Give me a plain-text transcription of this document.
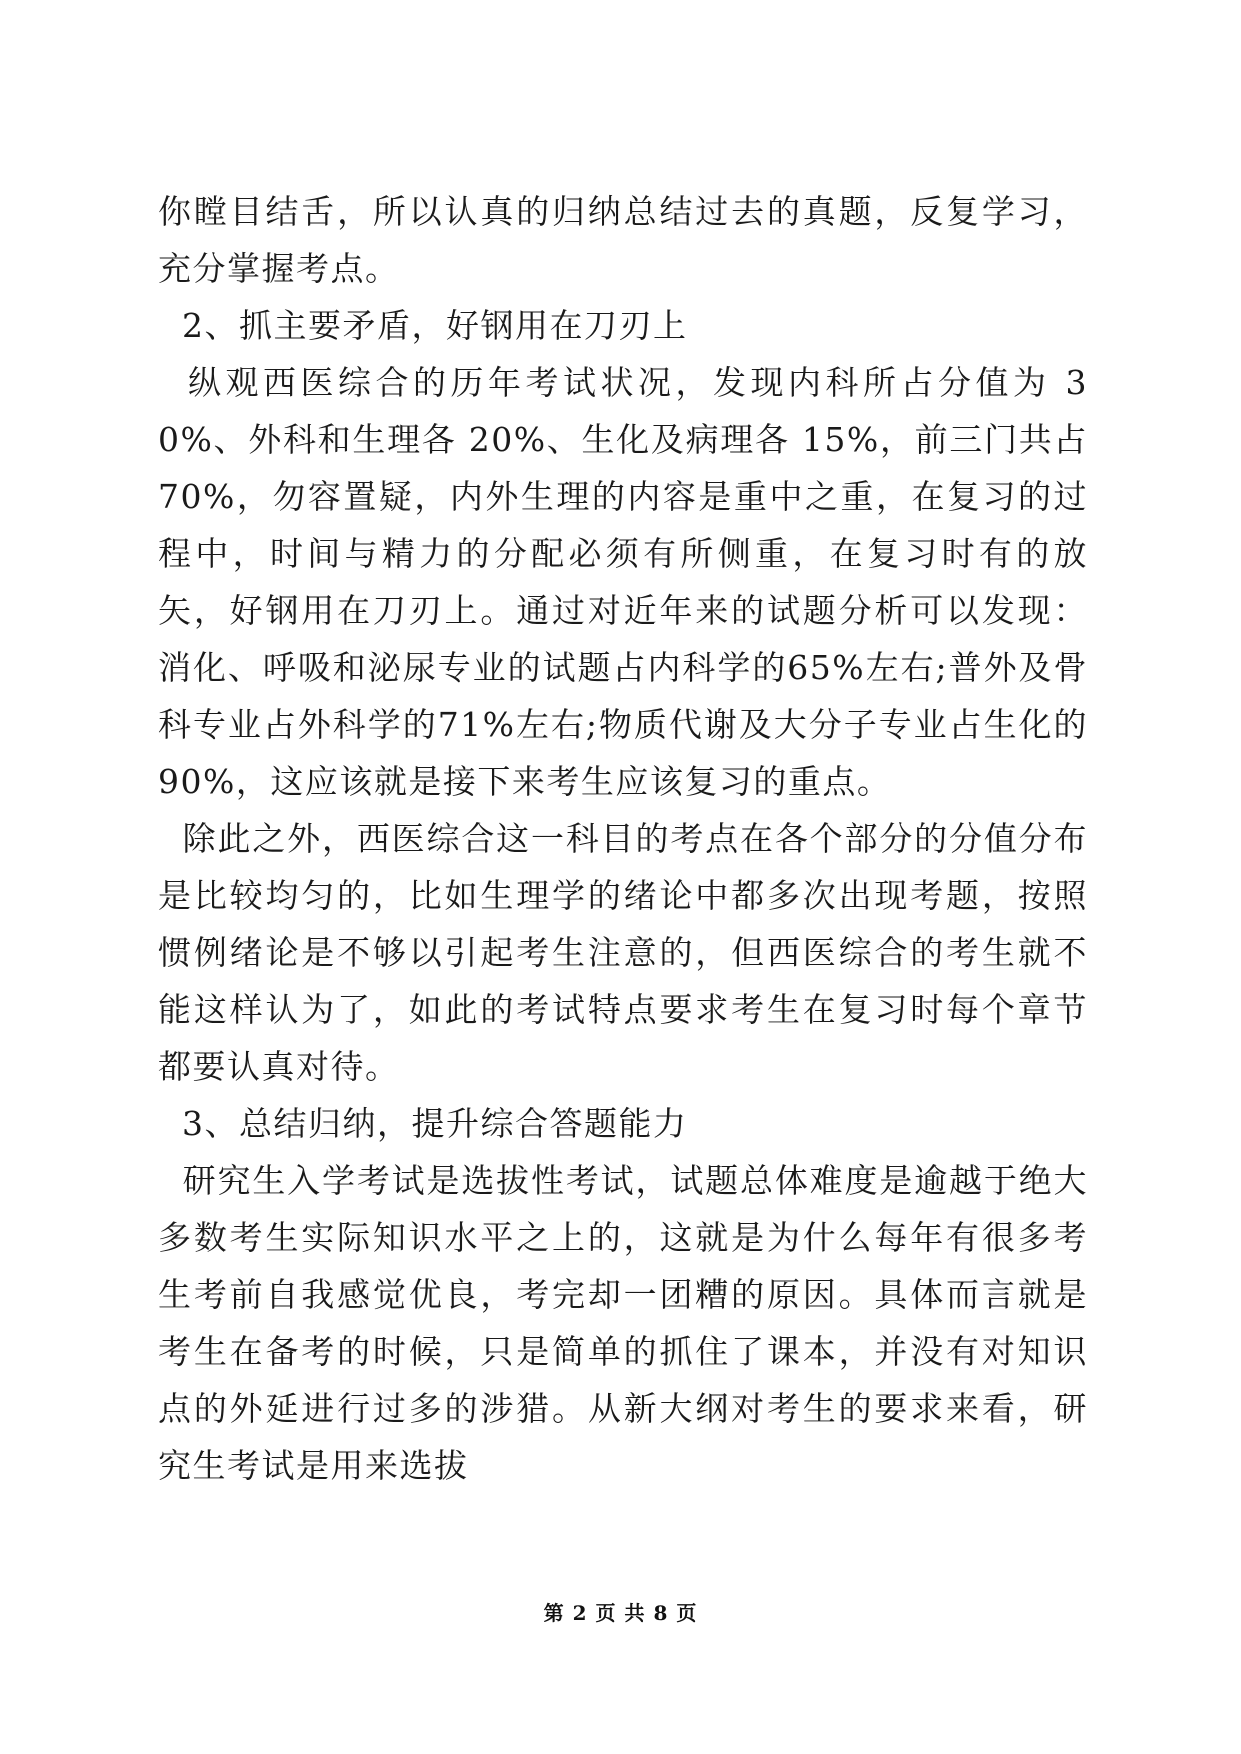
你瞠目结舌，所以认真的归纳总结过去的真题，反复学习，充分掌握考点。

2、抓主要矛盾，好钢用在刀刃上

纵观西医综合的历年考试状况，发现内科所占分值为 30%、外科和生理各 20%、生化及病理各 15%，前三门共占 70%，勿容置疑，内外生理的内容是重中之重，在复习的过程中，时间与精力的分配必须有所侧重，在复习时有的放矢，好钢用在刀刃上。通过对近年来的试题分析可以发现：消化、呼吸和泌尿专业的试题占内科学的65%左右;普外及骨科专业占外科学的71%左右;物质代谢及大分子专业占生化的 90%，这应该就是接下来考生应该复习的重点。

除此之外，西医综合这一科目的考点在各个部分的分值分布是比较均匀的，比如生理学的绪论中都多次出现考题，按照惯例绪论是不够以引起考生注意的，但西医综合的考生就不能这样认为了，如此的考试特点要求考生在复习时每个章节都要认真对待。

3、总结归纳，提升综合答题能力

研究生入学考试是选拔性考试，试题总体难度是逾越于绝大多数考生实际知识水平之上的，这就是为什么每年有很多考生考前自我感觉优良，考完却一团糟的原因。具体而言就是考生在备考的时候，只是简单的抓住了课本，并没有对知识点的外延进行过多的涉猎。从新大纲对考生的要求来看，研究生考试是用来选拔

第 2 页 共 8 页
